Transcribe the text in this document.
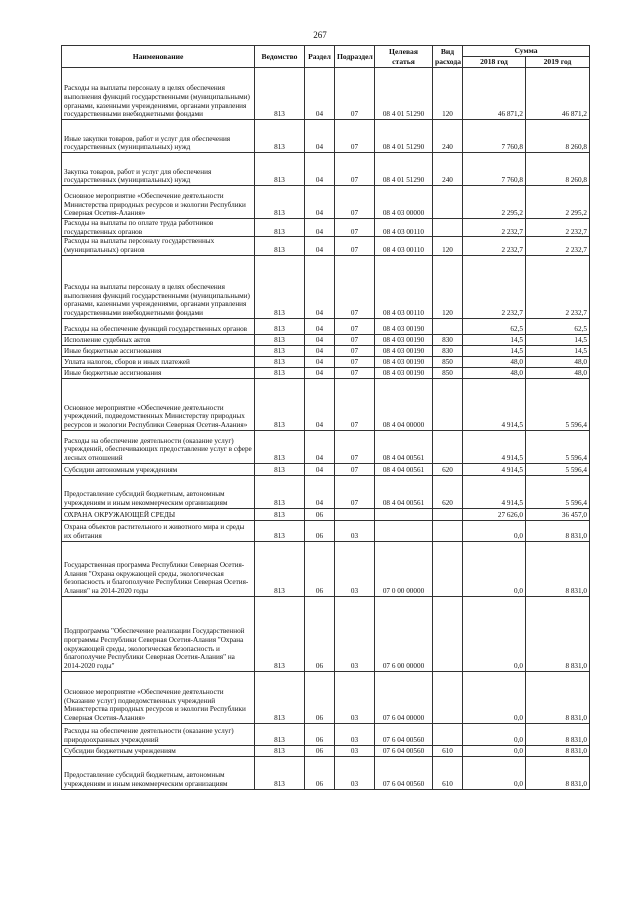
267
Наименование	Ведомство	Раздел	Подраздел	Целевая статья	Вид расхода	Сумма	
						2018 год	2019 год
Расходы на выплаты персоналу в целях обеспечения выполнения функций государственными (муниципальными) органами, казенными учреждениями, органами управления государственными внебюджетными фондами	813	04	07	08 4 01 51290	120	46 871,2	46 871,2
Иные закупки товаров, работ и услуг для обеспечения государственных (муниципальных) нужд	813	04	07	08 4 01 51290	240	7 760,8	8 260,8
Закупка товаров, работ и услуг для обеспечения государственных (муниципальных) нужд	813	04	07	08 4 01 51290	240	7 760,8	8 260,8
Основное мероприятие «Обеспечение деятельности Министерства природных ресурсов и экологии Республики Северная Осетия-Алания»	813	04	07	08 4 03 00000		2 295,2	2 295,2
Расходы на выплаты по оплате труда работников государственных органов	813	04	07	08 4 03 00110		2 232,7	2 232,7
Расходы на выплаты персоналу государственных (муниципальных) органов	813	04	07	08 4 03 00110	120	2 232,7	2 232,7
Расходы на выплаты персоналу в целях обеспечения выполнения функций государственными (муниципальными) органами, казенными учреждениями, органами управления государственными внебюджетными фондами	813	04	07	08 4 03 00110	120	2 232,7	2 232,7
Расходы на обеспечение функций государственных органов	813	04	07	08 4 03 00190		62,5	62,5
Исполнение судебных актов	813	04	07	08 4 03 00190	830	14,5	14,5
Иные бюджетные ассигнования	813	04	07	08 4 03 00190	830	14,5	14,5
Уплата налогов, сборов и иных платежей	813	04	07	08 4 03 00190	850	48,0	48,0
Иные бюджетные ассигнования	813	04	07	08 4 03 00190	850	48,0	48,0
Основное мероприятие «Обеспечение деятельности учреждений, подведомственных Министерству природных ресурсов и экологии Республики Северная Осетия-Алания»	813	04	07	08 4 04 00000		4 914,5	5 596,4
Расходы на обеспечение деятельности (оказание услуг) учреждений, обеспечивающих предоставление услуг в сфере лесных отношений	813	04	07	08 4 04 00561		4 914,5	5 596,4
Субсидии автономным учреждениям	813	04	07	08 4 04 00561	620	4 914,5	5 596,4
Предоставление субсидий бюджетным, автономным учреждениям и иным некоммерческим организациям	813	04	07	08 4 04 00561	620	4 914,5	5 596,4
ОХРАНА ОКРУЖАЮЩЕЙ СРЕДЫ	813	06				27 626,0	36 457,0
Охрана объектов растительного и животного мира и среды их обитания	813	06	03			0,0	8 831,0
Государственная программа Республики Северная Осетия-Алания "Охрана окружающей среды, экологическая безопасность и благополучие Республики Северная Осетия-Алания" на 2014-2020 годы	813	06	03	07 0 00 00000		0,0	8 831,0
Подпрограмма "Обеспечение реализации Государственной программы Республики Северная Осетия-Алания "Охрана окружающей среды, экологическая безопасность и благополучие Республики Северная Осетия-Алания" на 2014-2020 годы"	813	06	03	07 6 00 00000		0,0	8 831,0
Основное мероприятие «Обеспечение деятельности (Оказание услуг) подведомственных учреждений Министерства природных ресурсов и экологии Республики Северная Осетия-Алания»	813	06	03	07 6 04 00000		0,0	8 831,0
Расходы на обеспечение деятельности (оказание услуг) природоохранных учреждений	813	06	03	07 6 04 00560		0,0	8 831,0
Субсидии бюджетным учреждениям	813	06	03	07 6 04 00560	610	0,0	8 831,0
Предоставление субсидий бюджетным, автономным учреждениям и иным некоммерческим организациям	813	06	03	07 6 04 00560	610	0,0	8 831,0
